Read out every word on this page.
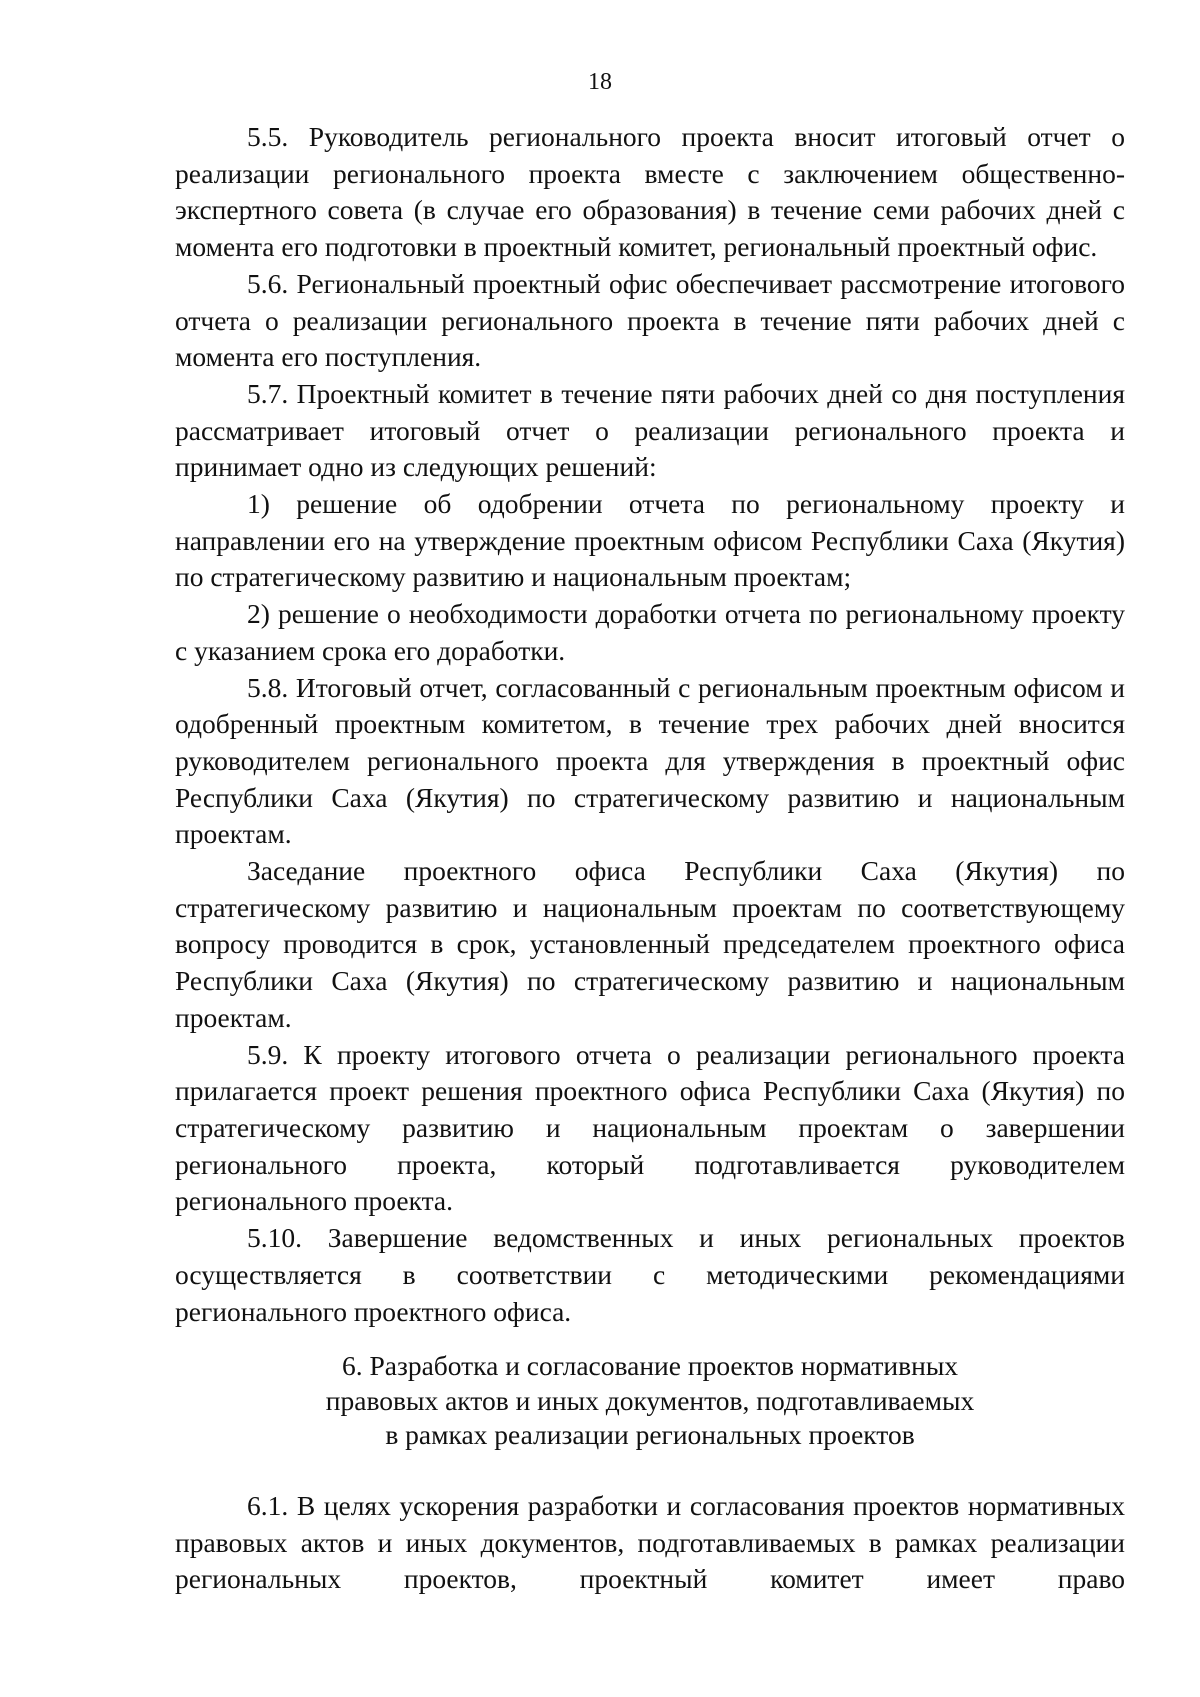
18

5.5. Руководитель регионального проекта вносит итоговый отчет о реализации регионального проекта вместе с заключением общественно-экспертного совета (в случае его образования) в течение семи рабочих дней с момента его подготовки в проектный комитет, региональный проектный офис.

5.6. Региональный проектный офис обеспечивает рассмотрение итогового отчета о реализации регионального проекта в течение пяти рабочих дней с момента его поступления.

5.7. Проектный комитет в течение пяти рабочих дней со дня поступления рассматривает итоговый отчет о реализации регионального проекта и принимает одно из следующих решений:

1) решение об одобрении отчета по региональному проекту и направлении его на утверждение проектным офисом Республики Саха (Якутия) по стратегическому развитию и национальным проектам;

2) решение о необходимости доработки отчета по региональному проекту с указанием срока его доработки.

5.8. Итоговый отчет, согласованный с региональным проектным офисом и одобренный проектным комитетом, в течение трех рабочих дней вносится руководителем регионального проекта для утверждения в проектный офис Республики Саха (Якутия) по стратегическому развитию и национальным проектам.

Заседание проектного офиса Республики Саха (Якутия) по стратегическому развитию и национальным проектам по соответствующему вопросу проводится в срок, установленный председателем проектного офиса Республики Саха (Якутия) по стратегическому развитию и национальным проектам.

5.9. К проекту итогового отчета о реализации регионального проекта прилагается проект решения проектного офиса Республики Саха (Якутия) по стратегическому развитию и национальным проектам о завершении регионального проекта, который подготавливается руководителем регионального проекта.

5.10. Завершение ведомственных и иных региональных проектов осуществляется в соответствии с методическими рекомендациями регионального проектного офиса.

6. Разработка и согласование проектов нормативных
правовых актов и иных документов, подготавливаемых
в рамках реализации региональных проектов

6.1. В целях ускорения разработки и согласования проектов нормативных правовых актов и иных документов, подготавливаемых в рамках реализации региональных проектов, проектный комитет имеет право
